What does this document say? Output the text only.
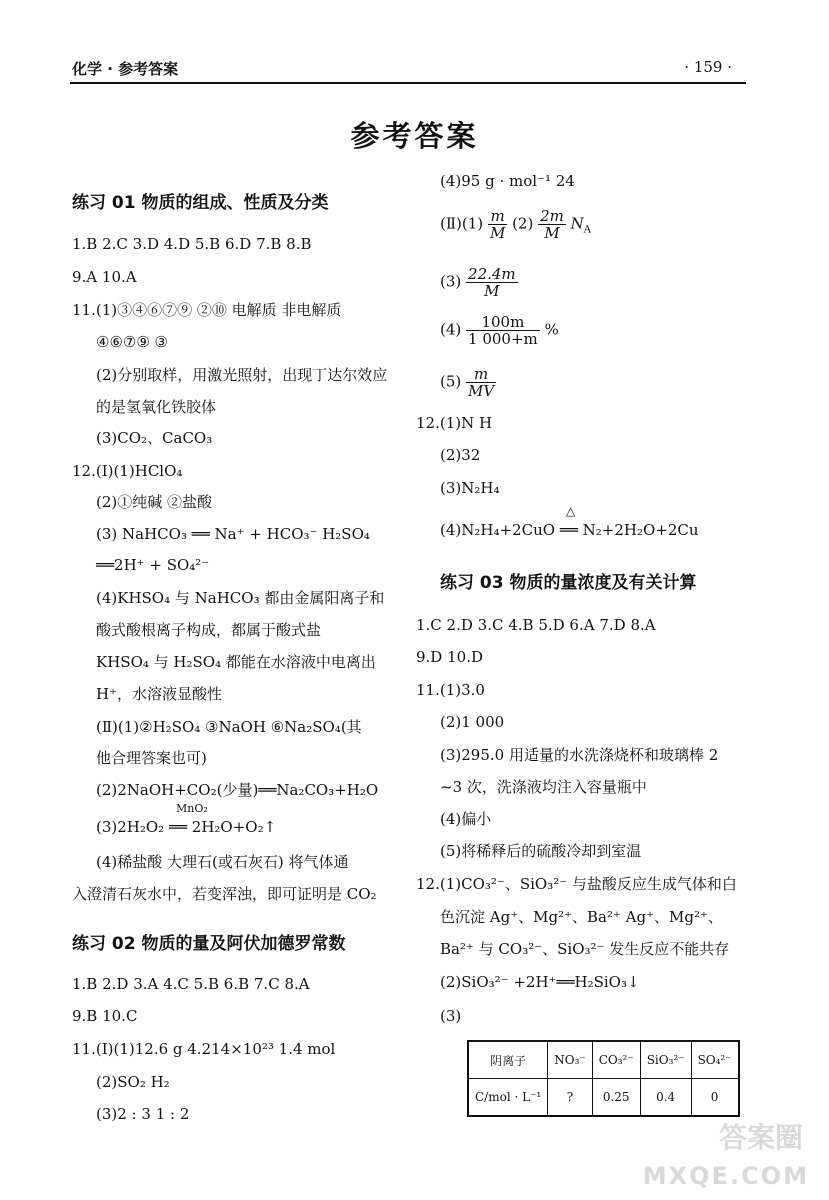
化学 · 参考答案	· 159 ·
参考答案
练习 01 物质的组成、性质及分类
1.B 2.C 3.D 4.D 5.B 6.D 7.B 8.B
9.A 10.A
11.(1)③④⑥⑦⑨ ②⑩ 电解质 非电解质
④⑥⑦⑨ ③
(2)分别取样，用激光照射，出现丁达尔效应
的是氢氧化铁胶体
(3)CO₂、CaCO₃
12.(Ⅰ)(1)HClO₄
(2)①纯碱 ②盐酸
(3) NaHCO₃ ══ Na⁺ + HCO₃⁻ H₂SO₄
══2H⁺ + SO₄²⁻
(4)KHSO₄ 与 NaHCO₃ 都由金属阳离子和
酸式酸根离子构成，都属于酸式盐
KHSO₄ 与 H₂SO₄ 都能在水溶液中电离出
H⁺，水溶液显酸性
(Ⅱ)(1)②H₂SO₄ ③NaOH ⑥Na₂SO₄(其
他合理答案也可)
(2)2NaOH+CO₂(少量)══Na₂CO₃+H₂O
MnO₂
(3)2H₂O₂ ══ 2H₂O+O₂↑
(4)稀盐酸 大理石(或石灰石) 将气体通
入澄清石灰水中，若变浑浊，即可证明是 CO₂
练习 02 物质的量及阿伏加德罗常数
1.B 2.D 3.A 4.C 5.B 6.B 7.C 8.A
9.B 10.C
11.(Ⅰ)(1)12.6 g 4.214×10²³ 1.4 mol
(2)SO₂ H₂
(3)2 : 3 1 : 2
(4)95 g · mol⁻¹ 24
(Ⅱ)(1) $\frac{m}{M} (2) \frac{2m}{M} N_A$
$(3) \frac{22.4m}{M}$
$(4) \frac{100m}{1 000+m}$ %
$(5) \frac{m}{MV}$
12.(1)N H
(2)32
(3)N₂H₄
△
(4)N₂H₄+2CuO ══ N₂+2H₂O+2Cu
练习 03 物质的量浓度及有关计算
1.C 2.D 3.C 4.B 5.D 6.A 7.D 8.A
9.D 10.D
11.(1)3.0
(2)1 000
(3)295.0 用适量的水洗涤烧杯和玻璃棒 2
~3 次，洗涤液均注入容量瓶中
(4)偏小
(5)将稀释后的硫酸冷却到室温
12.(1)CO₃²⁻、SiO₃²⁻ 与盐酸反应生成气体和白
色沉淀 Ag⁺、Mg²⁺、Ba²⁺ Ag⁺、Mg²⁺、
Ba²⁺ 与 CO₃²⁻、SiO₃²⁻ 发生反应不能共存
(2)SiO₃²⁻ +2H⁺══H₂SiO₃↓
(3)
阴离子	NO₃⁻	CO₃²⁻	SiO₃²⁻	SO₄²⁻
C/mol · L⁻¹	?	0.25	0.4	0
答案圈
MXQE.COM
